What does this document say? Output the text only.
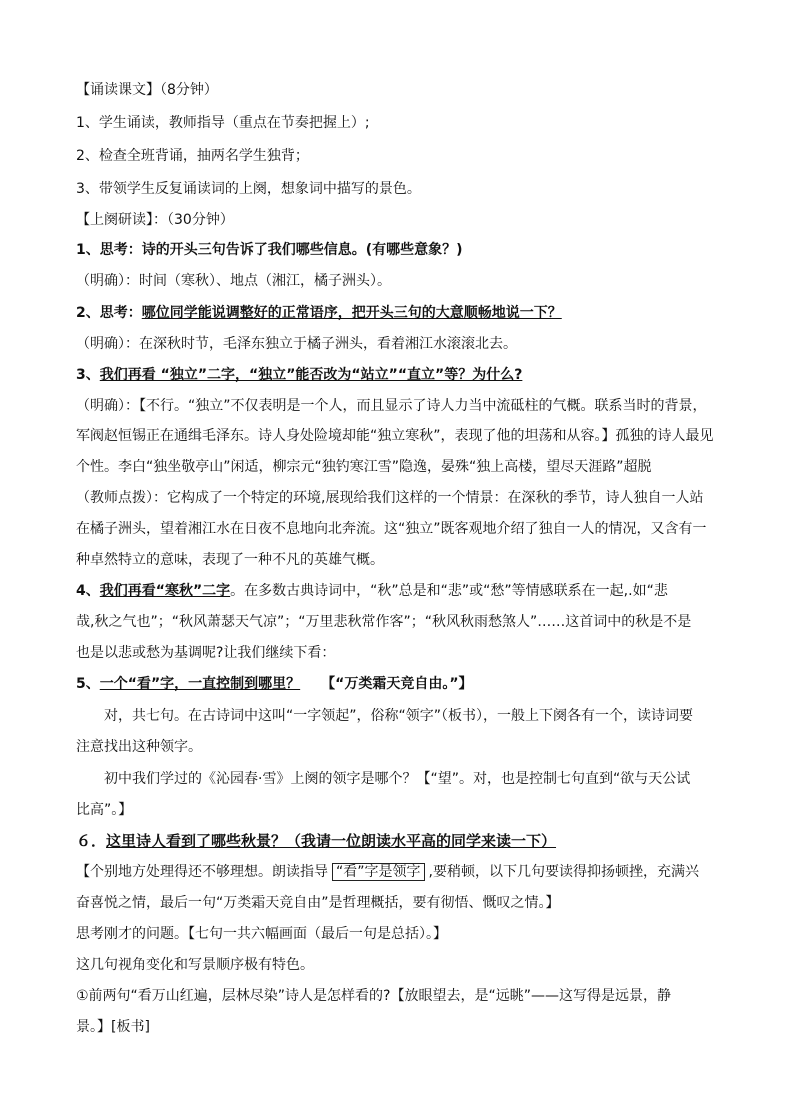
【诵读课文】（8分钟）
1、学生诵读，教师指导（重点在节奏把握上）;
2、检查全班背诵，抽两名学生独背；
3、带领学生反复诵读词的上阕，想象词中描写的景色。
【上阕研读】：（30分钟）
1、思考：诗的开头三句告诉了我们哪些信息。(有哪些意象？)
（明确）：时间（寒秋）、地点（湘江，橘子洲头）。
2、思考：哪位同学能说调整好的正常语序，把开头三句的大意顺畅地说一下？
（明确）：在深秋时节，毛泽东独立于橘子洲头，看着湘江水滚滚北去。
3、我们再看 “独立”二字，“独立”能否改为“站立”“直立”等？为什么?
（明确）：【不行。“独立”不仅表明是一个人，而且显示了诗人力当中流砥柱的气概。联系当时的背景，
军阀赵恒锡正在通缉毛泽东。诗人身处险境却能“独立寒秋”，表现了他的坦荡和从容。】孤独的诗人最见
个性。李白“独坐敬亭山”闲适，柳宗元“独钓寒江雪”隐逸，晏殊“独上高楼，望尽天涯路”超脱
（教师点拨）：它构成了一个特定的环境,展现给我们这样的一个情景：在深秋的季节，诗人独自一人站
在橘子洲头，望着湘江水在日夜不息地向北奔流。这“独立”既客观地介绍了独自一人的情况，又含有一
种卓然特立的意味，表现了一种不凡的英雄气概。
4、我们再看“寒秋”二字。在多数古典诗词中，“秋”总是和“悲”或“愁”等情感联系在一起,.如“悲
哉,秋之气也”；“秋风萧瑟天气凉”；“万里悲秋常作客”；“秋风秋雨愁煞人”……这首词中的秋是不是
也是以悲或愁为基调呢?让我们继续下看：
5、一个“看”字，一直控制到哪里？　　【“万类霜天竞自由。”】
对，共七句。在古诗词中这叫“一字领起”，俗称“领字”（板书），一般上下阕各有一个，读诗词要
注意找出这种领字。
初中我们学过的《沁园春·雪》上阕的领字是哪个？【“望”。对，也是控制七句直到“欲与天公试
比高”。】
６．这里诗人看到了哪些秋景？（我请一位朗读水平高的同学来读一下）
【个别地方处理得还不够理想。朗读指导 “看”字是领字 ,要稍顿，以下几句要读得抑扬顿挫，充满兴
奋喜悦之情，最后一句“万类霜天竞自由”是哲理概括，要有彻悟、慨叹之情。】
思考刚才的问题。【七句一共六幅画面（最后一句是总括）。】
这几句视角变化和写景顺序极有特色。
①前两句“看万山红遍，层林尽染”诗人是怎样看的?【放眼望去，是“远眺”——这写得是远景，静
景。】[板书]
